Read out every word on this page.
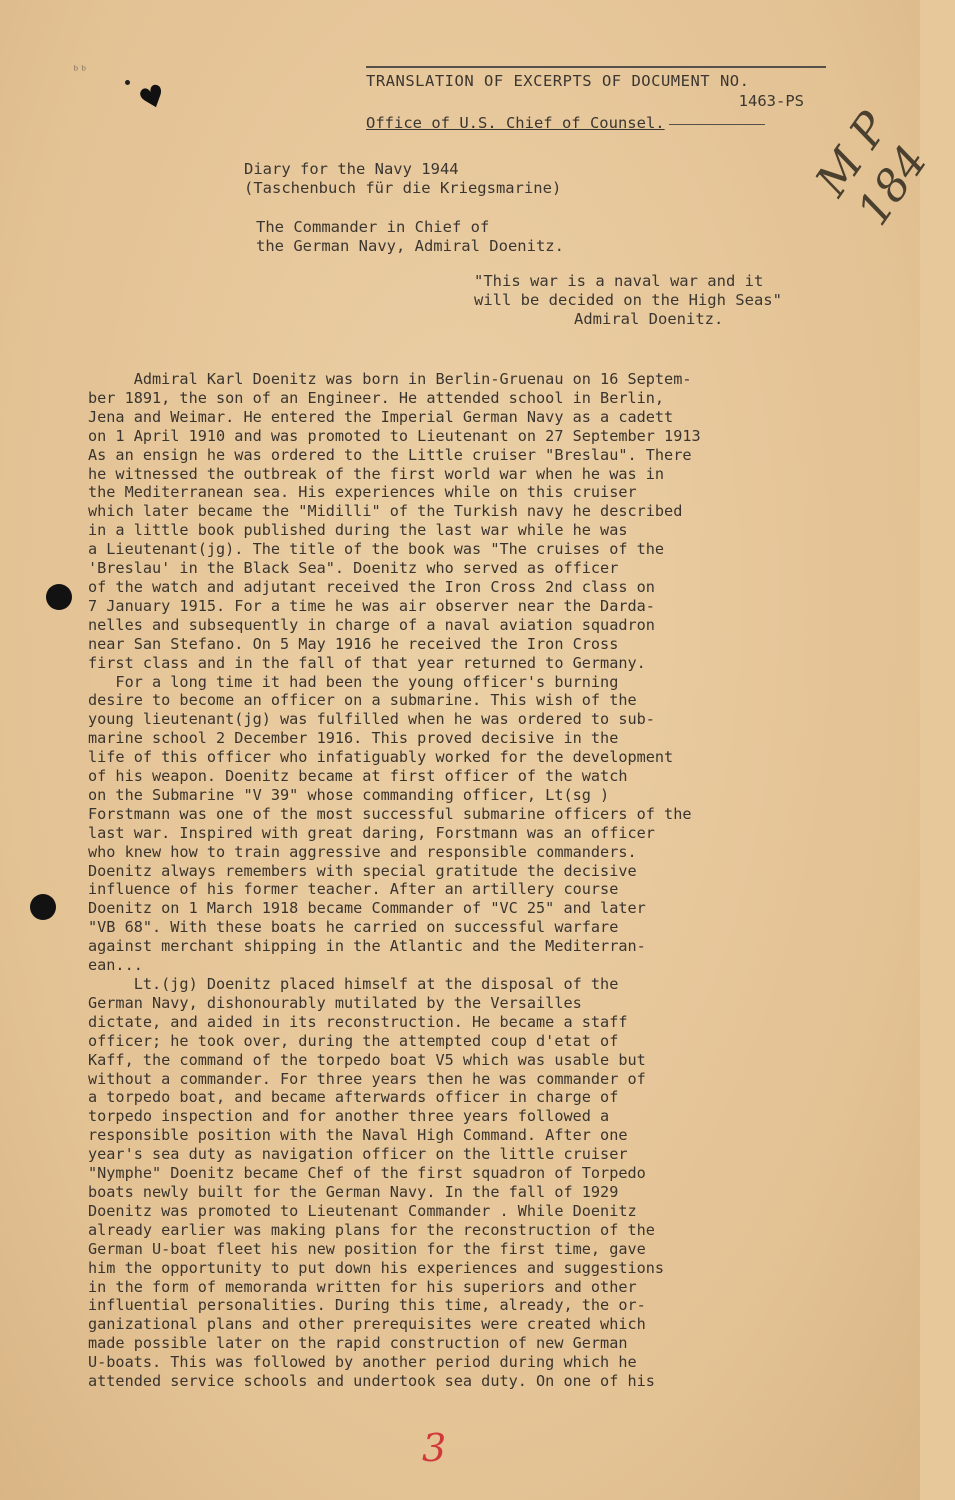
ᵇᵇ
♥	TRANSLATION OF EXCERPTS OF DOCUMENT NO.
1463-PS
Office of U.S. Chief of Counsel.
Diary for the Navy 1944
(Taschenbuch für die Kriegsmarine)
The Commander in Chief of
the German Navy, Admiral Doenitz.
M P 184
"This war is a naval war and it
will be decided on the High Seas"
Admiral Doenitz.
Admiral Karl Doenitz was born in Berlin-Gruenau on 16 Septem-
ber 1891, the son of an Engineer. He attended school in Berlin,
Jena and Weimar. He entered the Imperial German Navy as a cadett
on 1 April 1910 and was promoted to Lieutenant on 27 September 1913
As an ensign he was ordered to the Little cruiser "Breslau". There
he witnessed the outbreak of the first world war when he was in
the Mediterranean sea. His experiences while on this cruiser
which later became the "Midilli" of the Turkish navy he described
in a little book published during the last war while he was
a Lieutenant(jg). The title of the book was "The cruises of the
'Breslau' in the Black Sea". Doenitz who served as officer
of the watch and adjutant received the Iron Cross 2nd class on
7 January 1915. For a time he was air observer near the Darda-
nelles and subsequently in charge of a naval aviation squadron
near San Stefano. On 5 May 1916 he received the Iron Cross
first class and in the fall of that year returned to Germany.
For a long time it had been the young officer's burning
desire to become an officer on a submarine. This wish of the
young lieutenant(jg) was fulfilled when he was ordered to sub-
marine school 2 December 1916. This proved decisive in the
life of this officer who infatiguably worked for the development
of his weapon. Doenitz became at first officer of the watch
on the Submarine "V 39" whose commanding officer, Lt(sg )
Forstmann was one of the most successful submarine officers of the
last war. Inspired with great daring, Forstmann was an officer
who knew how to train aggressive and responsible commanders.
Doenitz always remembers with special gratitude the decisive
influence of his former teacher. After an artillery course
Doenitz on 1 March 1918 became Commander of "VC 25" and later
"VB 68". With these boats he carried on successful warfare
against merchant shipping in the Atlantic and the Mediterran-
ean...
Lt.(jg) Doenitz placed himself at the disposal of the
German Navy, dishonourably mutilated by the Versailles
dictate, and aided in its reconstruction. He became a staff
officer; he took over, during the attempted coup d'etat of
Kaff, the command of the torpedo boat V5 which was usable but
without a commander. For three years then he was commander of
a torpedo boat, and became afterwards officer in charge of
torpedo inspection and for another three years followed a
responsible position with the Naval High Command. After one
year's sea duty as navigation officer on the little cruiser
"Nymphe" Doenitz became Chef of the first squadron of Torpedo
boats newly built for the German Navy. In the fall of 1929
Doenitz was promoted to Lieutenant Commander . While Doenitz
already earlier was making plans for the reconstruction of the
German U-boat fleet his new position for the first time, gave
him the opportunity to put down his experiences and suggestions
in the form of memoranda written for his superiors and other
influential personalities. During this time, already, the or-
ganizational plans and other prerequisites were created which
made possible later on the rapid construction of new German
U-boats. This was followed by another period during which he
attended service schools and undertook sea duty. On one of his
3
